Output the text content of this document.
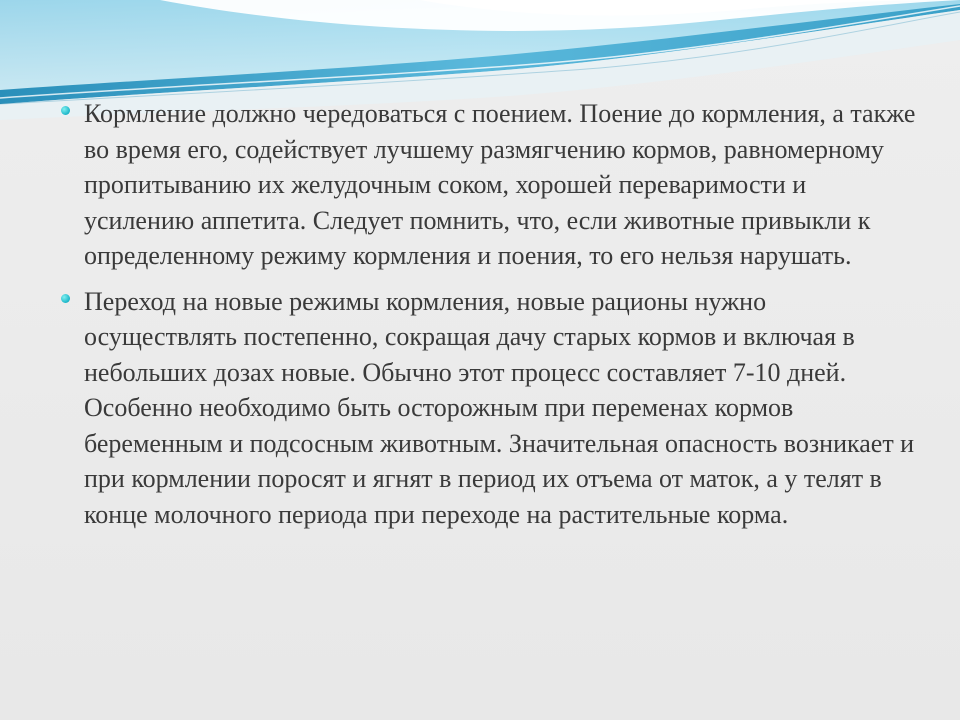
Кормление должно чередоваться с поением. Поение до кормления, а также во время его, содействует лучшему размягчению кормов, равномерному пропитыванию их желудочным соком, хорошей переваримости и усилению аппетита. Следует помнить, что, если животные привыкли к определенному режиму кормления и поения, то его нельзя нарушать.

Переход на новые режимы кормления, новые рационы нужно осуществлять постепенно, сокращая дачу старых кормов и включая в небольших дозах новые. Обычно этот процесс составляет 7-10 дней. Особенно необходимо быть осторожным при переменах кормов беременным и подсосным животным. Значительная опасность возникает и при кормлении поросят и ягнят в период их отъема от маток, а у телят в конце молочного периода при переходе на растительные корма.
